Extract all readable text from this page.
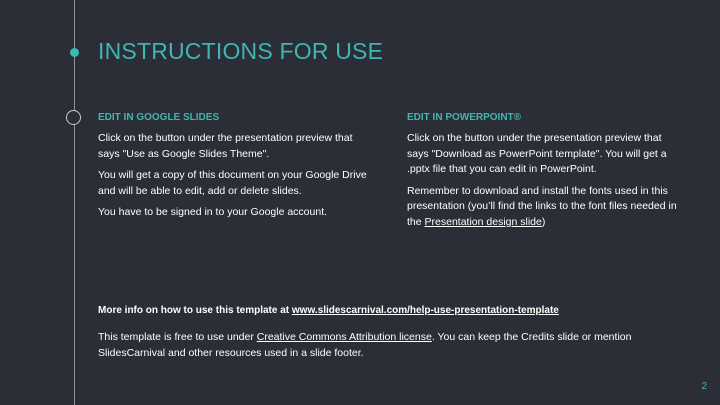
INSTRUCTIONS FOR USE
EDIT IN GOOGLE SLIDES

Click on the button under the presentation preview that says "Use as Google Slides Theme".

You will get a copy of this document on your Google Drive and will be able to edit, add or delete slides.

You have to be signed in to your Google account.

EDIT IN POWERPOINT®

Click on the button under the presentation preview that says "Download as PowerPoint template". You will get a .pptx file that you can edit in PowerPoint.

Remember to download and install the fonts used in this presentation (you’ll find the links to the font files needed in the Presentation design slide)

More info on how to use this template at www.slidescarnival.com/help-use-presentation-template

This template is free to use under Creative Commons Attribution license. You can keep the Credits slide or mention SlidesCarnival and other resources used in a slide footer.

2
